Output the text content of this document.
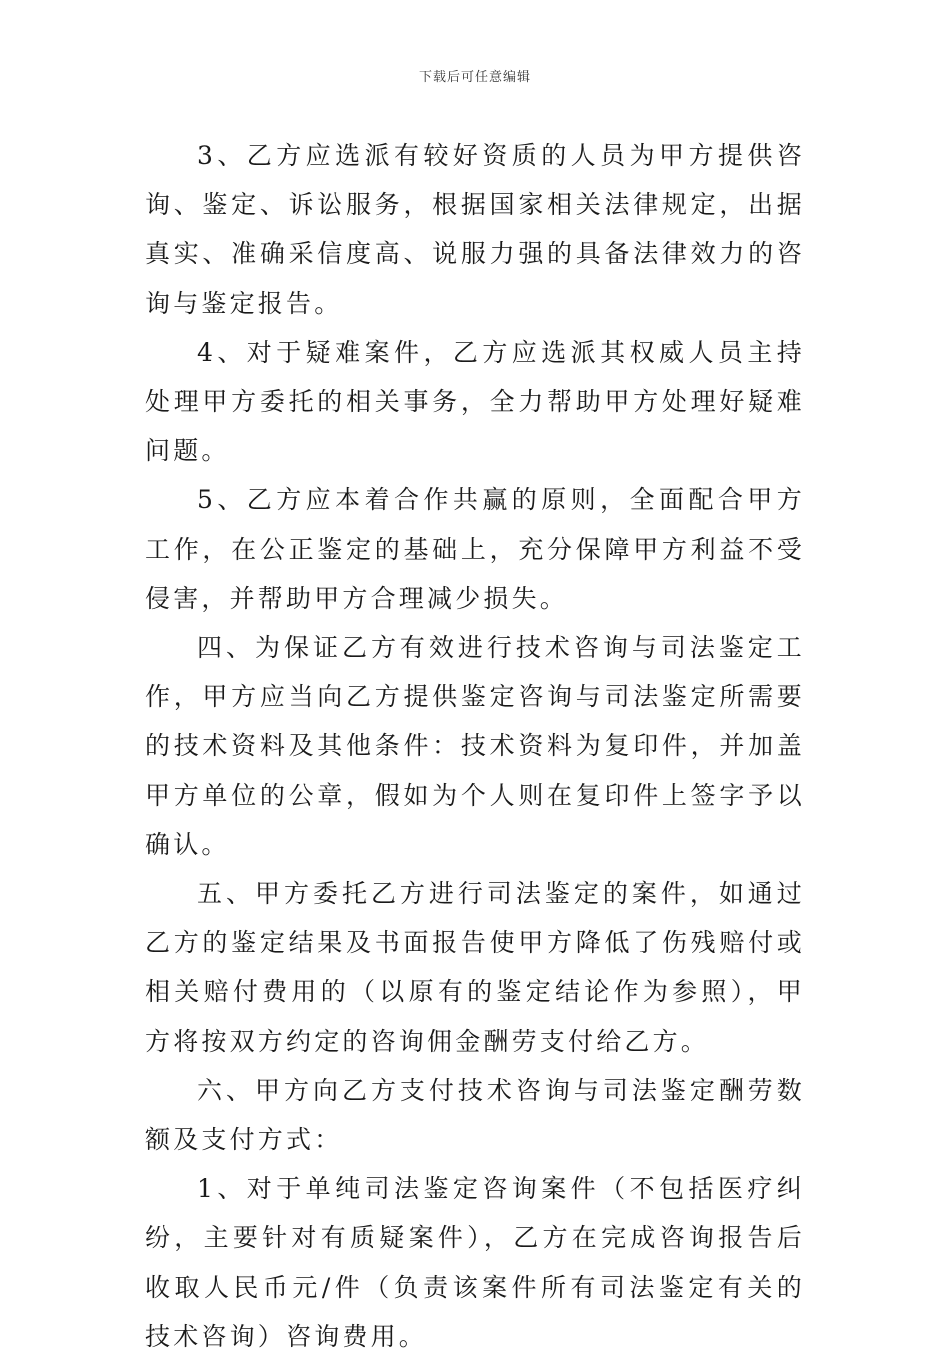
下载后可任意编辑

3、乙方应选派有较好资质的人员为甲方提供咨询、鉴定、诉讼服务，根据国家相关法律规定，出据真实、准确采信度高、说服力强的具备法律效力的咨询与鉴定报告。

4、对于疑难案件，乙方应选派其权威人员主持处理甲方委托的相关事务，全力帮助甲方处理好疑难问题。

5、乙方应本着合作共赢的原则，全面配合甲方工作，在公正鉴定的基础上，充分保障甲方利益不受侵害，并帮助甲方合理减少损失。

四、为保证乙方有效进行技术咨询与司法鉴定工作，甲方应当向乙方提供鉴定咨询与司法鉴定所需要的技术资料及其他条件：技术资料为复印件，并加盖甲方单位的公章，假如为个人则在复印件上签字予以确认。

五、甲方委托乙方进行司法鉴定的案件，如通过乙方的鉴定结果及书面报告使甲方降低了伤残赔付或相关赔付费用的（以原有的鉴定结论作为参照），甲方将按双方约定的咨询佣金酬劳支付给乙方。

六、甲方向乙方支付技术咨询与司法鉴定酬劳数额及支付方式：

1、对于单纯司法鉴定咨询案件（不包括医疗纠纷，主要针对有质疑案件），乙方在完成咨询报告后收取人民币元/件（负责该案件所有司法鉴定有关的技术咨询）咨询费用。
